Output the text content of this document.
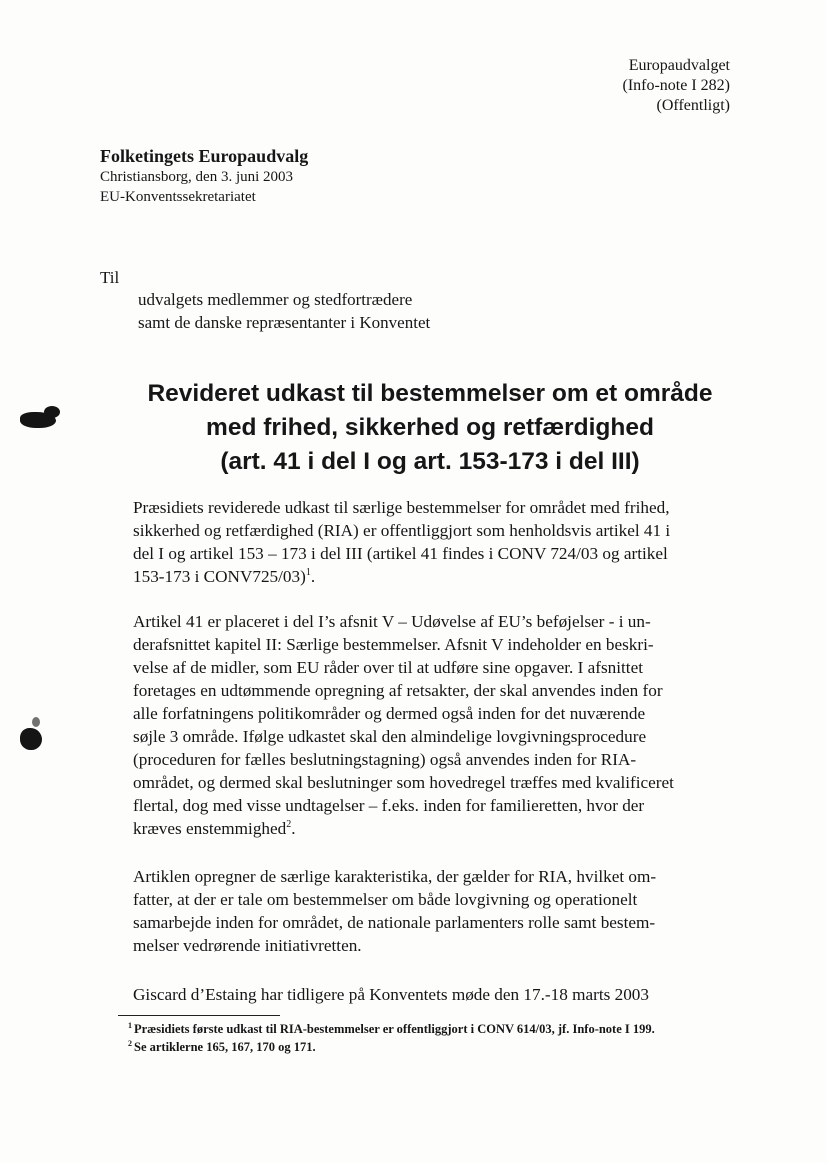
Europaudvalget
(Info-note I 282)
(Offentligt)
Folketingets Europaudvalg
Christiansborg, den 3. juni 2003
EU-Konventssekretariatet
Til
udvalgets medlemmer og stedfortrædere
samt de danske repræsentanter i Konventet
Revideret udkast til bestemmelser om et område
med frihed, sikkerhed og retfærdighed
(art. 41 i del I og art. 153-173 i del III)
Præsidiets reviderede udkast til særlige bestemmelser for området med frihed,
sikkerhed og retfærdighed (RIA) er offentliggjort som henholdsvis artikel 41 i
del I og artikel 153 – 173 i del III (artikel 41 findes i CONV 724/03 og artikel
153-173 i CONV725/03)$^1$.
Artikel 41 er placeret i del I’s afsnit V – Udøvelse af EU’s beføjelser - i un-
derafsnittet kapitel II: Særlige bestemmelser. Afsnit V indeholder en beskri-
velse af de midler, som EU råder over til at udføre sine opgaver. I afsnittet
foretages en udtømmende opregning af retsakter, der skal anvendes inden for
alle forfatningens politikområder og dermed også inden for det nuværende
søjle 3 område. Ifølge udkastet skal den almindelige lovgivningsprocedure
(proceduren for fælles beslutningstagning) også anvendes inden for RIA-
området, og dermed skal beslutninger som hovedregel træffes med kvalificeret
flertal, dog med visse undtagelser – f.eks. inden for familieretten, hvor der
kræves enstemmighed$^2$.
Artiklen opregner de særlige karakteristika, der gælder for RIA, hvilket om-
fatter, at der er tale om bestemmelser om både lovgivning og operationelt
samarbejde inden for området, de nationale parlamenters rolle samt bestem-
melser vedrørende initiativretten.
Giscard d’Estaing har tidligere på Konventets møde den 17.-18 marts 2003
$^1$ Præsidiets første udkast til RIA-bestemmelser er offentliggjort i CONV 614/03, jf. Info-note I 199.
$^2$ Se artiklerne 165, 167, 170 og 171.
